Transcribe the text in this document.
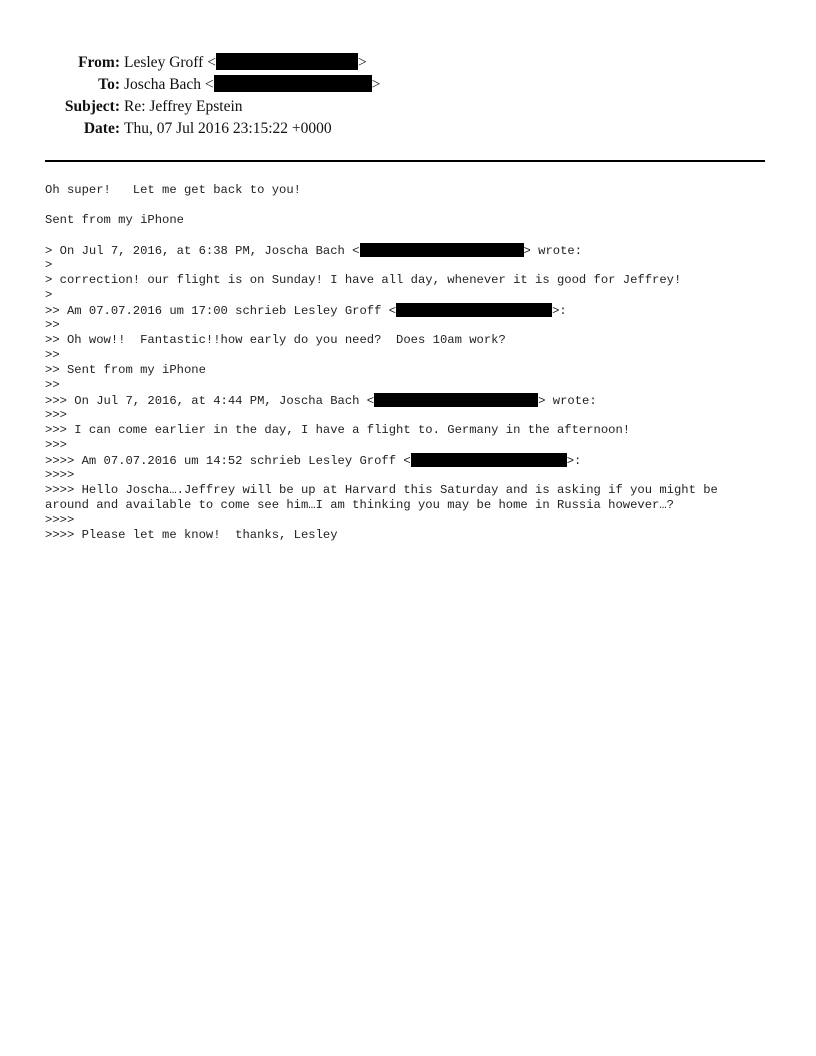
From: Lesley Groff <	>
To: Joscha Bach <	>
Subject: Re: Jeffrey Epstein
Date: Thu, 07 Jul 2016 23:15:22 +0000
Oh super!   Let me get back to you!
Sent from my iPhone
> On Jul 7, 2016, at 6:38 PM, Joscha Bach <	> wrote:
>
> correction! our flight is on Sunday! I have all day, whenever it is good for Jeffrey!
>
>> Am 07.07.2016 um 17:00 schrieb Lesley Groff <	>:
>>
>> Oh wow!!  Fantastic!!how early do you need?  Does 10am work?
>>
>> Sent from my iPhone
>>
>>> On Jul 7, 2016, at 4:44 PM, Joscha Bach <	> wrote:
>>>
>>> I can come earlier in the day, I have a flight to. Germany in the afternoon!
>>>
>>>> Am 07.07.2016 um 14:52 schrieb Lesley Groff <	>:
>>>>
>>>> Hello Joscha….Jeffrey will be up at Harvard this Saturday and is asking if you might be
around and available to come see him…I am thinking you may be home in Russia however…?
>>>>
>>>> Please let me know!  thanks, Lesley
